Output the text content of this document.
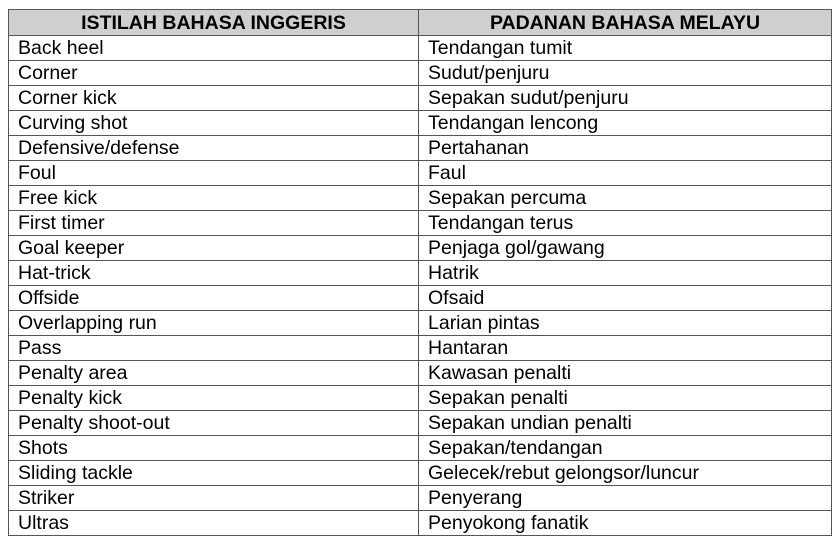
ISTILAH BAHASA INGGERIS	PADANAN BAHASA MELAYU
Back heel	Tendangan tumit
Corner	Sudut/penjuru
Corner kick	Sepakan sudut/penjuru
Curving shot	Tendangan lencong
Defensive/defense	Pertahanan
Foul	Faul
Free kick	Sepakan percuma
First timer	Tendangan terus
Goal keeper	Penjaga gol/gawang
Hat-trick	Hatrik
Offside	Ofsaid
Overlapping run	Larian pintas
Pass	Hantaran
Penalty area	Kawasan penalti
Penalty kick	Sepakan penalti
Penalty shoot-out	Sepakan undian penalti
Shots	Sepakan/tendangan
Sliding tackle	Gelecek/rebut gelongsor/luncur
Striker	Penyerang
Ultras	Penyokong fanatik
